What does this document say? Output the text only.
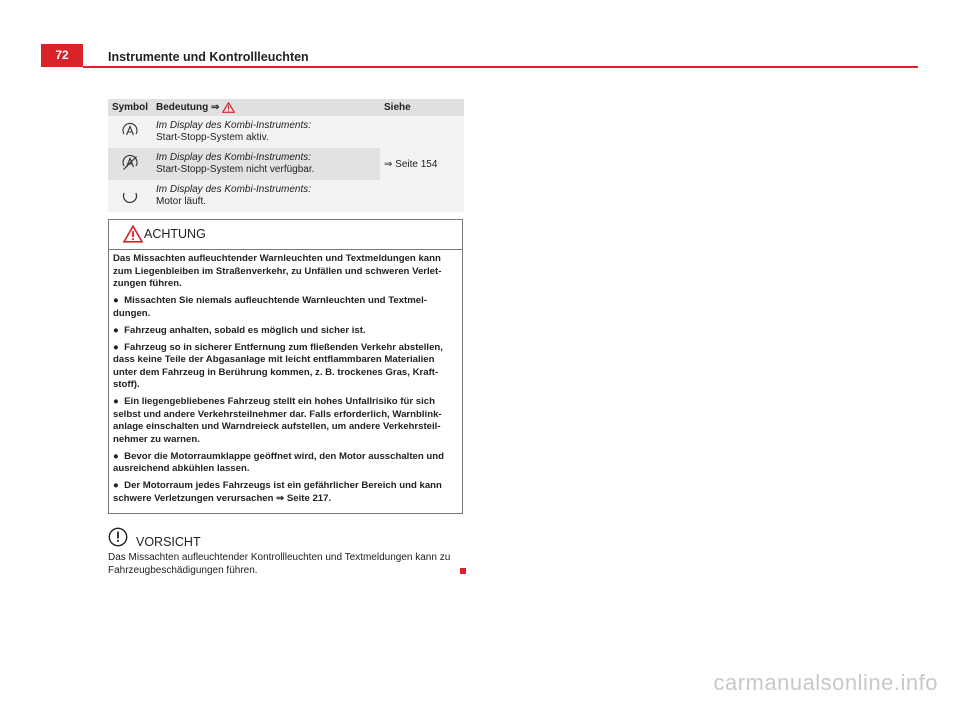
72	Instrumente und Kontrollleuchten
Symbol	Bedeutung ⇒	Siehe

Im Display des Kombi-Instruments:
Start-Stopp-System aktiv.	⇒ Seite 154

Im Display des Kombi-Instruments:
Start-Stopp-System nicht verfügbar.	

Im Display des Kombi-Instruments:
Motor läuft.	
ACHTUNG

Das Missachten aufleuchtender Warnleuchten und Textmeldungen kann zum Liegenbleiben im Straßenverkehr, zu Unfällen und schweren Verlet-zungen führen.

●  Missachten Sie niemals aufleuchtende Warnleuchten und Textmel-dungen.

●  Fahrzeug anhalten, sobald es möglich und sicher ist.

●  Fahrzeug so in sicherer Entfernung zum fließenden Verkehr abstellen, dass keine Teile der Abgasanlage mit leicht entflammbaren Materialien unter dem Fahrzeug in Berührung kommen, z. B. trockenes Gras, Kraft-stoff).

●  Ein liegengebliebenes Fahrzeug stellt ein hohes Unfallrisiko für sich selbst und andere Verkehrsteilnehmer dar. Falls erforderlich, Warnblink-anlage einschalten und Warndreieck aufstellen, um andere Verkehrsteil-nehmer zu warnen.

●  Bevor die Motorraumklappe geöffnet wird, den Motor ausschalten und ausreichend abkühlen lassen.

●  Der Motorraum jedes Fahrzeugs ist ein gefährlicher Bereich und kann schwere Verletzungen verursachen ⇒ Seite 217.

VORSICHT
Das Missachten aufleuchtender Kontrollleuchten und Textmeldungen kann zu Fahrzeugbeschädigungen führen.
carmanualsonline.info
